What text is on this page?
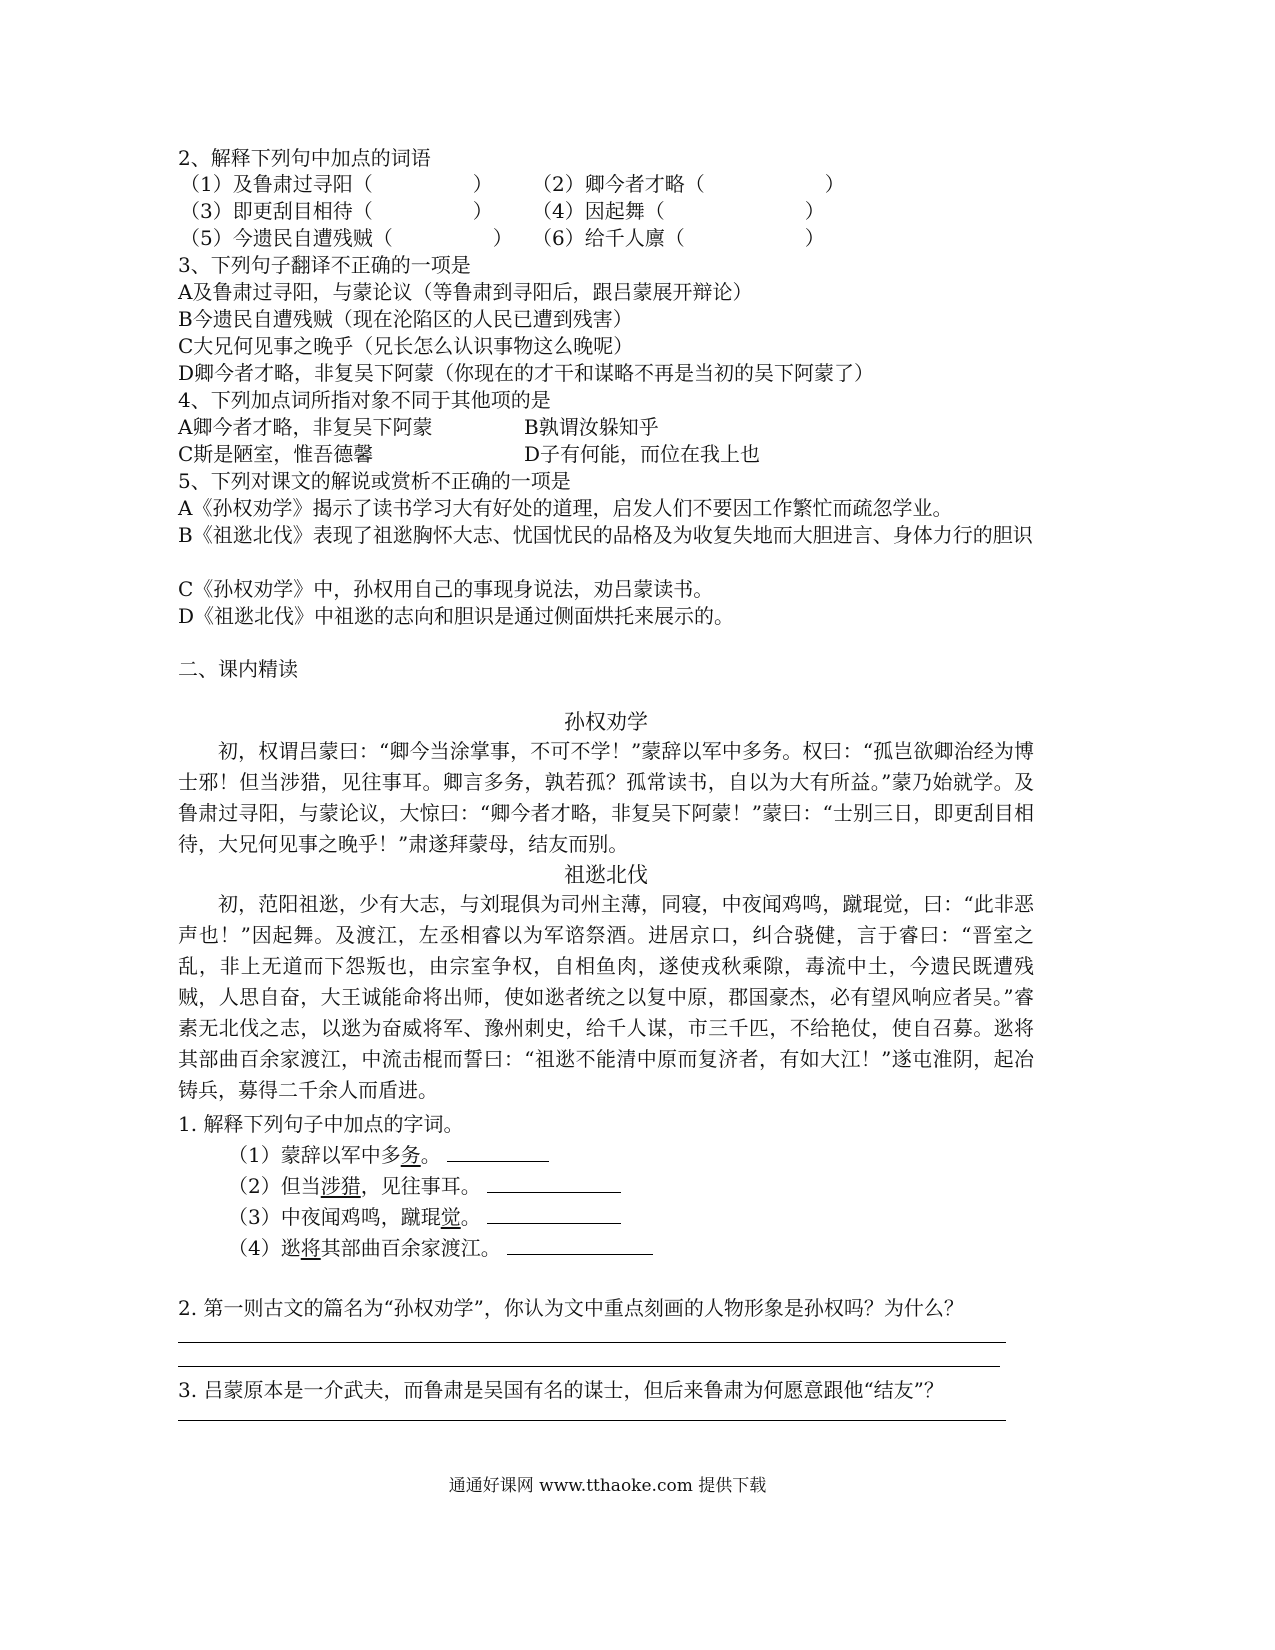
2、解释下列句中加点的词语
（1）及鲁肃过寻阳（　　　　　） （2）卿今者才略（　　　　　　）
（3）即更刮目相待（　　　　　） （4）因起舞（　　　　　　　）
（5）今遗民自遭残贼（　　　　　） （6）给千人廪（　　　　　　）
3、下列句子翻译不正确的一项是
A及鲁肃过寻阳，与蒙论议（等鲁肃到寻阳后，跟吕蒙展开辩论）
B今遗民自遭残贼（现在沦陷区的人民已遭到残害）
C大兄何见事之晚乎（兄长怎么认识事物这么晚呢）
D卿今者才略，非复吴下阿蒙（你现在的才干和谋略不再是当初的吴下阿蒙了）
4、下列加点词所指对象不同于其他项的是
A卿今者才略，非复吴下阿蒙	B孰谓汝躲知乎
C斯是陋室，惟吾德馨	D子有何能，而位在我上也
5、下列对课文的解说或赏析不正确的一项是
A《孙权劝学》揭示了读书学习大有好处的道理，启发人们不要因工作繁忙而疏忽学业。
B《祖逖北伐》表现了祖逖胸怀大志、忧国忧民的品格及为收复失地而大胆进言、身体力行的胆识
C《孙权劝学》中，孙权用自己的事现身说法，劝吕蒙读书。
D《祖逖北伐》中祖逖的志向和胆识是通过侧面烘托来展示的。
二、课内精读
孙权劝学
初，权谓吕蒙曰：“卿今当涂掌事，不可不学！”蒙辞以军中多务。权曰：“孤岂欲卿治经为博士邪！但当涉猎，见往事耳。卿言多务，孰若孤？孤常读书，自以为大有所益。”蒙乃始就学。及鲁肃过寻阳，与蒙论议，大惊曰：“卿今者才略，非复吴下阿蒙！”蒙曰：“士别三日，即更刮目相待，大兄何见事之晚乎！”肃遂拜蒙母，结友而别。
祖逖北伐
初，范阳祖逖，少有大志，与刘琨俱为司州主薄，同寝，中夜闻鸡鸣，蹴琨觉，曰：“此非恶声也！”因起舞。及渡江，左丞相睿以为军谘祭酒。进居京口，纠合骁健，言于睿曰：“晋室之乱，非上无道而下怨叛也，由宗室争权，自相鱼肉，遂使戎秋乘隙，毒流中土，今遗民既遭残贼，人思自奋，大王诚能命将出师，使如逖者统之以复中原，郡国豪杰，必有望风响应者吴。”睿素无北伐之志，以逖为奋威将军、豫州刺史，给千人谋，市三千匹，不给艳仗，使自召募。逖将其部曲百余家渡江，中流击棍而誓曰：“祖逖不能清中原而复济者，有如大江！”遂屯淮阴，起冶铸兵，募得二千余人而盾进。
1. 解释下列句子中加点的字词。
（1）蒙辞以军中多务。
（2）但当涉猎，见往事耳。
（3）中夜闻鸡鸣，蹴琨觉。
（4）逖将其部曲百余家渡江。
2. 第一则古文的篇名为“孙权劝学”，你认为文中重点刻画的人物形象是孙权吗？为什么？
3. 吕蒙原本是一介武夫，而鲁肃是吴国有名的谋士，但后来鲁肃为何愿意跟他“结友”？
通通好课网 www.tthaoke.com 提供下载
